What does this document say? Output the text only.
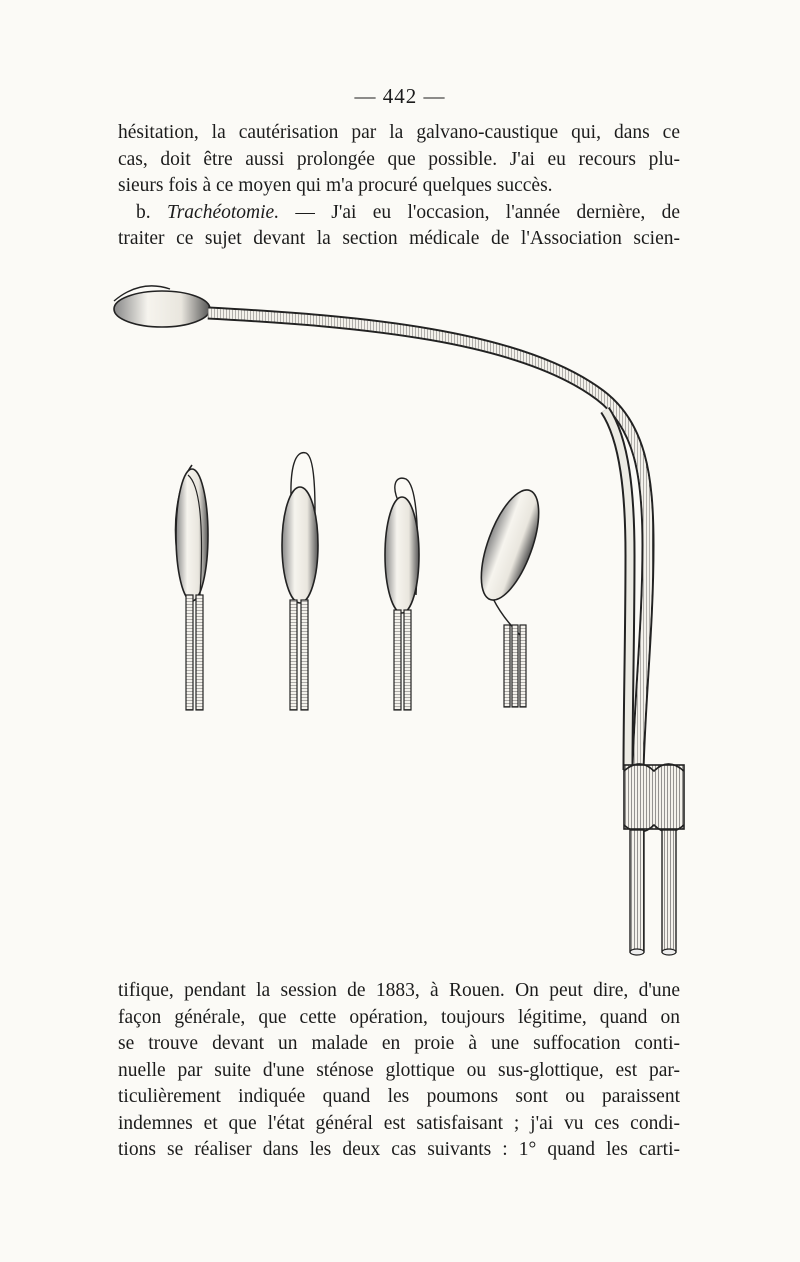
— 442 —
hésitation, la cautérisation par la galvano-caustique qui, dans ce
cas, doit être aussi prolongée que possible. J'ai eu recours plu-
sieurs fois à ce moyen qui m'a procuré quelques succès.
b. Trachéotomie. — J'ai eu l'occasion, l'année dernière, de
traiter ce sujet devant la section médicale de l'Association scien-
tifique, pendant la session de 1883, à Rouen. On peut dire, d'une
façon générale, que cette opération, toujours légitime, quand on
se trouve devant un malade en proie à une suffocation conti-
nuelle par suite d'une sténose glottique ou sus-glottique, est par-
ticulièrement indiquée quand les poumons sont ou paraissent
indemnes et que l'état général est satisfaisant ; j'ai vu ces condi-
tions se réaliser dans les deux cas suivants : 1° quand les carti-
